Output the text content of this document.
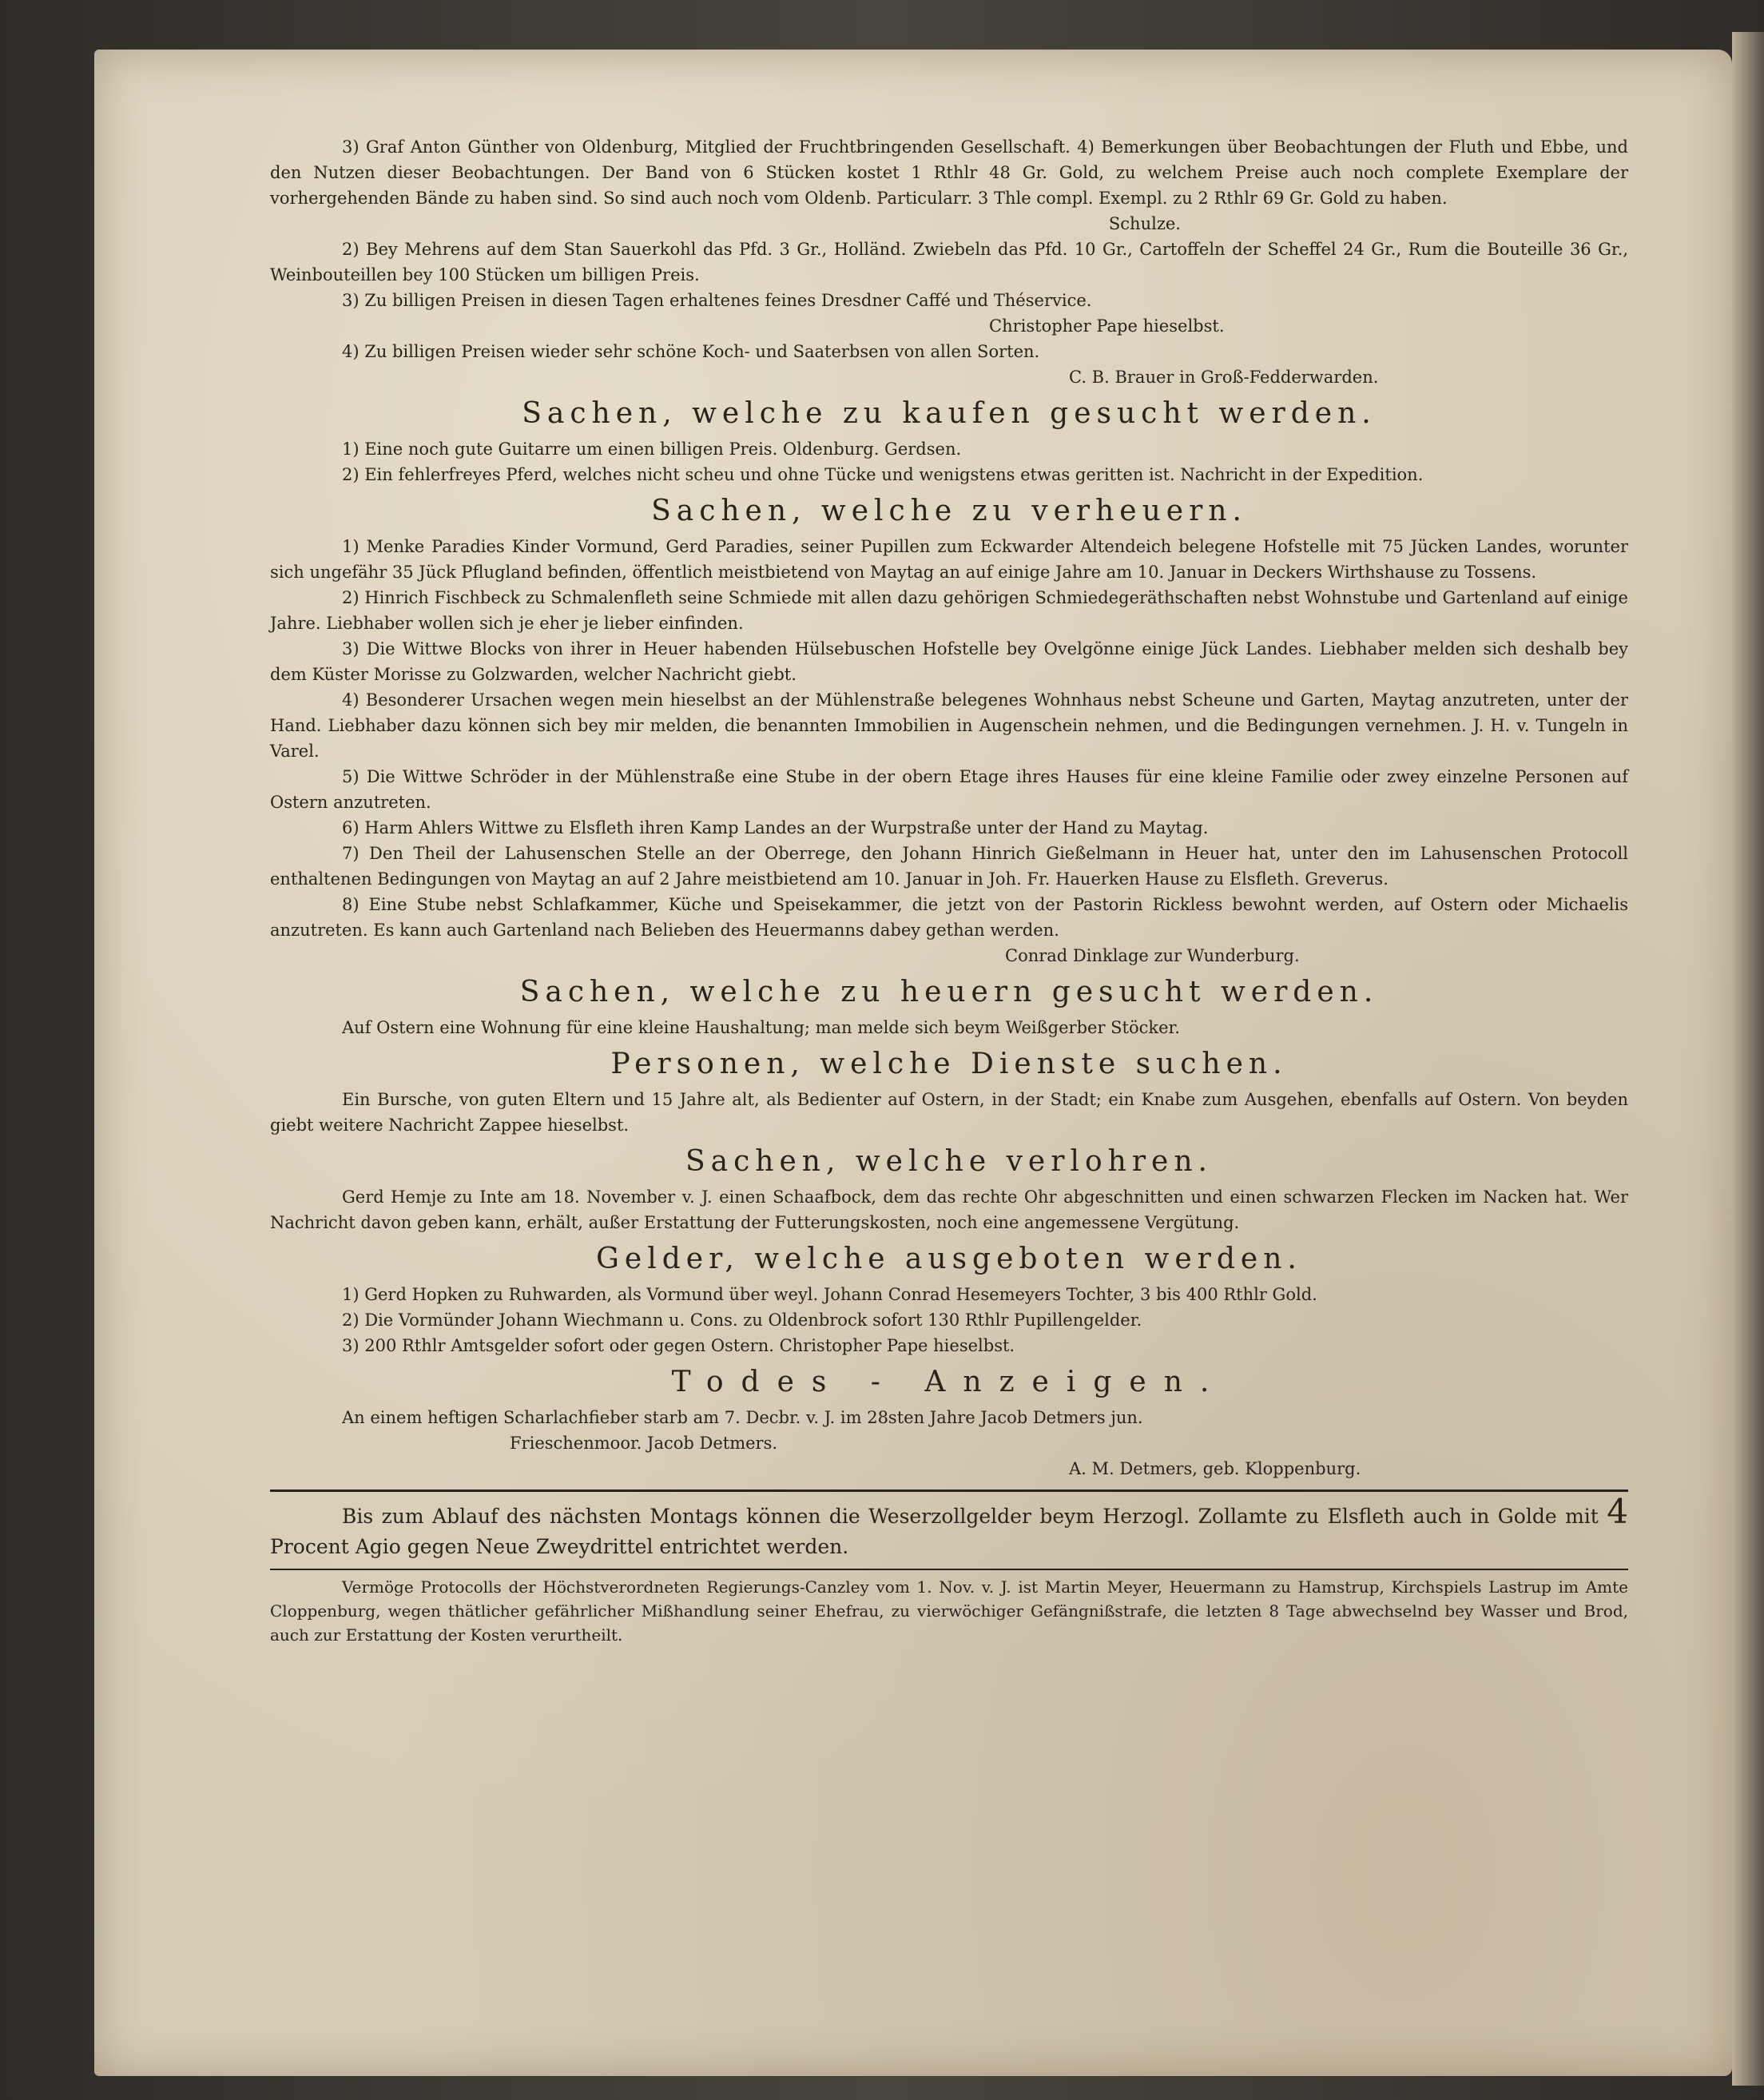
3) Graf Anton Günther von Oldenburg, Mitglied der Fruchtbringenden Gesellschaft. 4) Bemerkungen über Beobachtungen der Fluth und Ebbe, und den Nutzen dieser Beobachtungen. Der Band von 6 Stücken kostet 1 Rthlr 48 Gr. Gold, zu welchem Preise auch noch complete Exemplare der vorhergehenden Bände zu haben sind. So sind auch noch vom Oldenb. Particularr. 3 Thle compl. Exempl. zu 2 Rthlr 69 Gr. Gold zu haben.

Schulze.

2) Bey Mehrens auf dem Stan Sauerkohl das Pfd. 3 Gr., Holländ. Zwiebeln das Pfd. 10 Gr., Cartoffeln der Scheffel 24 Gr., Rum die Bouteille 36 Gr., Weinbouteillen bey 100 Stücken um billigen Preis.

3) Zu billigen Preisen in diesen Tagen erhaltenes feines Dresdner Caffé und Théservice.

Christopher Pape hieselbst.

4) Zu billigen Preisen wieder sehr schöne Koch- und Saaterbsen von allen Sorten.

C. B. Brauer in Groß-Fedderwarden.

Sachen, welche zu kaufen gesucht werden.

1) Eine noch gute Guitarre um einen billigen Preis. Oldenburg. Gerdsen.

2) Ein fehlerfreyes Pferd, welches nicht scheu und ohne Tücke und wenigstens etwas geritten ist. Nachricht in der Expedition.

Sachen, welche zu verheuern.

1) Menke Paradies Kinder Vormund, Gerd Paradies, seiner Pupillen zum Eckwarder Altendeich belegene Hofstelle mit 75 Jücken Landes, worunter sich ungefähr 35 Jück Pflugland befinden, öffentlich meistbietend von Maytag an auf einige Jahre am 10. Januar in Deckers Wirthshause zu Tossens.

2) Hinrich Fischbeck zu Schmalenfleth seine Schmiede mit allen dazu gehörigen Schmiedegeräthschaften nebst Wohnstube und Gartenland auf einige Jahre. Liebhaber wollen sich je eher je lieber einfinden.

3) Die Wittwe Blocks von ihrer in Heuer habenden Hülsebuschen Hofstelle bey Ovelgönne einige Jück Landes. Liebhaber melden sich deshalb bey dem Küster Morisse zu Golzwarden, welcher Nachricht giebt.

4) Besonderer Ursachen wegen mein hieselbst an der Mühlenstraße belegenes Wohnhaus nebst Scheune und Garten, Maytag anzutreten, unter der Hand. Liebhaber dazu können sich bey mir melden, die benannten Immobilien in Augenschein nehmen, und die Bedingungen vernehmen. J. H. v. Tungeln in Varel.

5) Die Wittwe Schröder in der Mühlenstraße eine Stube in der obern Etage ihres Hauses für eine kleine Familie oder zwey einzelne Personen auf Ostern anzutreten.

6) Harm Ahlers Wittwe zu Elsfleth ihren Kamp Landes an der Wurpstraße unter der Hand zu Maytag.

7) Den Theil der Lahusenschen Stelle an der Oberrege, den Johann Hinrich Gießelmann in Heuer hat, unter den im Lahusenschen Protocoll enthaltenen Bedingungen von Maytag an auf 2 Jahre meistbietend am 10. Januar in Joh. Fr. Hauerken Hause zu Elsfleth. Greverus.

8) Eine Stube nebst Schlafkammer, Küche und Speisekammer, die jetzt von der Pastorin Rickless bewohnt werden, auf Ostern oder Michaelis anzutreten. Es kann auch Gartenland nach Belieben des Heuermanns dabey gethan werden.

Conrad Dinklage zur Wunderburg.

Sachen, welche zu heuern gesucht werden.

Auf Ostern eine Wohnung für eine kleine Haushaltung; man melde sich beym Weißgerber Stöcker.

Personen, welche Dienste suchen.

Ein Bursche, von guten Eltern und 15 Jahre alt, als Bedienter auf Ostern, in der Stadt; ein Knabe zum Ausgehen, ebenfalls auf Ostern. Von beyden giebt weitere Nachricht Zappee hieselbst.

Sachen, welche verlohren.

Gerd Hemje zu Inte am 18. November v. J. einen Schaafbock, dem das rechte Ohr abgeschnitten und einen schwarzen Flecken im Nacken hat. Wer Nachricht davon geben kann, erhält, außer Erstattung der Futterungskosten, noch eine angemessene Vergütung.

Gelder, welche ausgeboten werden.

1) Gerd Hopken zu Ruhwarden, als Vormund über weyl. Johann Conrad Hesemeyers Tochter, 3 bis 400 Rthlr Gold.

2) Die Vormünder Johann Wiechmann u. Cons. zu Oldenbrock sofort 130 Rthlr Pupillengelder.

3) 200 Rthlr Amtsgelder sofort oder gegen Ostern. Christopher Pape hieselbst.

Todes - Anzeigen.

An einem heftigen Scharlachfieber starb am 7. Decbr. v. J. im 28sten Jahre Jacob Detmers jun.

Frieschenmoor. Jacob Detmers.

A. M. Detmers, geb. Kloppenburg.

Bis zum Ablauf des nächsten Montags können die Weserzollgelder beym Herzogl. Zollamte zu Elsfleth auch in Golde mit 4 Procent Agio gegen Neue Zweydrittel entrichtet werden.

Vermöge Protocolls der Höchstverordneten Regierungs-Canzley vom 1. Nov. v. J. ist Martin Meyer, Heuermann zu Hamstrup, Kirchspiels Lastrup im Amte Cloppenburg, wegen thätlicher gefährlicher Mißhandlung seiner Ehefrau, zu vierwöchiger Gefängnißstrafe, die letzten 8 Tage abwechselnd bey Wasser und Brod, auch zur Erstattung der Kosten verurtheilt.
